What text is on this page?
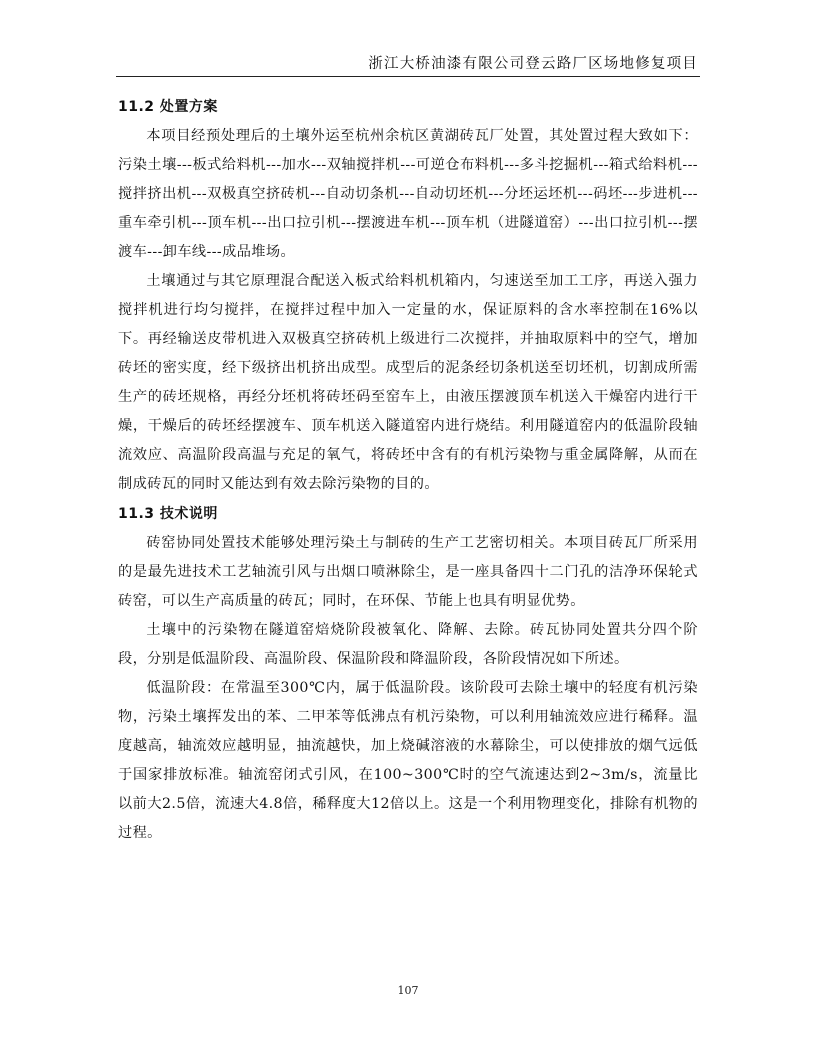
浙江大桥油漆有限公司登云路厂区场地修复项目
11.2 处置方案

本项目经预处理后的土壤外运至杭州余杭区黄湖砖瓦厂处置，其处置过程大致如下：污染土壤---板式给料机---加水---双轴搅拌机---可逆仓布料机---多斗挖掘机---箱式给料机---搅拌挤出机---双极真空挤砖机---自动切条机---自动切坯机---分坯运坯机---码坯---步进机---重车牵引机---顶车机---出口拉引机---摆渡进车机---顶车机（进隧道窑）---出口拉引机---摆渡车---卸车线---成品堆场。

土壤通过与其它原理混合配送入板式给料机机箱内，匀速送至加工工序，再送入强力搅拌机进行均匀搅拌，在搅拌过程中加入一定量的水，保证原料的含水率控制在16%以下。再经输送皮带机进入双极真空挤砖机上级进行二次搅拌，并抽取原料中的空气，增加砖坯的密实度，经下级挤出机挤出成型。成型后的泥条经切条机送至切坯机，切割成所需生产的砖坯规格，再经分坯机将砖坯码至窑车上，由液压摆渡顶车机送入干燥窑内进行干燥，干燥后的砖坯经摆渡车、顶车机送入隧道窑内进行烧结。利用隧道窑内的低温阶段轴流效应、高温阶段高温与充足的氧气，将砖坯中含有的有机污染物与重金属降解，从而在制成砖瓦的同时又能达到有效去除污染物的目的。

11.3 技术说明

砖窑协同处置技术能够处理污染土与制砖的生产工艺密切相关。本项目砖瓦厂所采用的是最先进技术工艺轴流引风与出烟口喷淋除尘，是一座具备四十二门孔的洁净环保轮式砖窑，可以生产高质量的砖瓦；同时，在环保、节能上也具有明显优势。

土壤中的污染物在隧道窑焙烧阶段被氧化、降解、去除。砖瓦协同处置共分四个阶段，分别是低温阶段、高温阶段、保温阶段和降温阶段，各阶段情况如下所述。

低温阶段：在常温至300℃内，属于低温阶段。该阶段可去除土壤中的轻度有机污染物，污染土壤挥发出的苯、二甲苯等低沸点有机污染物，可以利用轴流效应进行稀释。温度越高，轴流效应越明显，抽流越快，加上烧碱溶液的水幕除尘，可以使排放的烟气远低于国家排放标准。轴流窑闭式引风，在100~300℃时的空气流速达到2~3m/s，流量比以前大2.5倍，流速大4.8倍，稀释度大12倍以上。这是一个利用物理变化，排除有机物的过程。

107
